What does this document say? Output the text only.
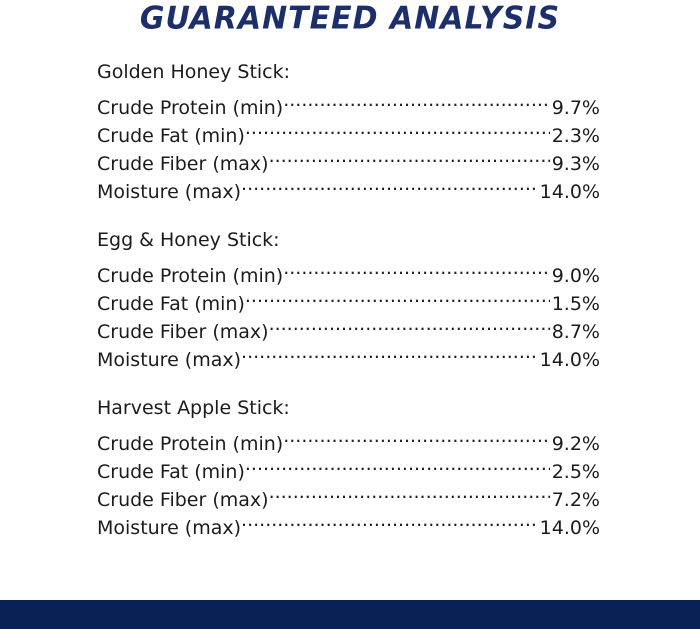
GUARANTEED ANALYSIS
Golden Honey Stick:
Crude Protein (min) .....	9.7%
Crude Fat (min) .....	2.3%
Crude Fiber (max) .....	9.3%
Moisture (max) .....	14.0%
Egg & Honey Stick:
Crude Protein (min) .....	9.0%
Crude Fat (min) .....	1.5%
Crude Fiber (max) .....	8.7%
Moisture (max) .....	14.0%
Harvest Apple Stick:
Crude Protein (min) .....	9.2%
Crude Fat (min) .....	2.5%
Crude Fiber (max) .....	7.2%
Moisture (max) .....	14.0%
